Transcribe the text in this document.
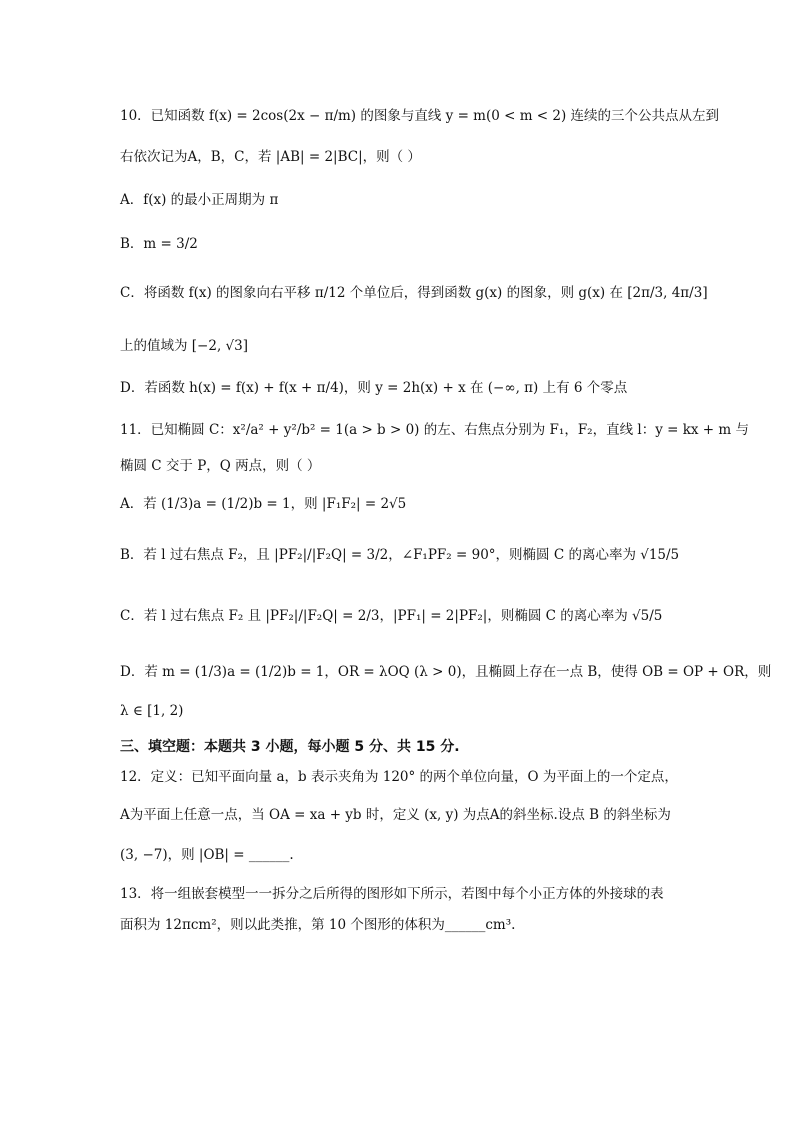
10．已知函数 f(x) = 2cos(2x − π/m) 的图象与直线 y = m(0 < m < 2) 连续的三个公共点从左到
右依次记为A，B，C，若 |AB| = 2|BC|，则（ ）
A．f(x) 的最小正周期为 π
B．m = 3/2
C．将函数 f(x) 的图象向右平移 π/12 个单位后，得到函数 g(x) 的图象，则 g(x) 在 [2π/3, 4π/3]
上的值域为 [−2, √3]
D．若函数 h(x) = f(x) + f(x + π/4)，则 y = 2h(x) + x 在 (−∞, π) 上有 6 个零点
11．已知椭圆 C：x²/a² + y²/b² = 1(a > b > 0) 的左、右焦点分别为 F₁，F₂，直线 l：y = kx + m 与
椭圆 C 交于 P，Q 两点，则（ ）
A．若 (1/3)a = (1/2)b = 1，则 |F₁F₂| = 2√5
B．若 l 过右焦点 F₂，且 |PF₂|/|F₂Q| = 3/2，∠F₁PF₂ = 90°，则椭圆 C 的离心率为 √15/5
C．若 l 过右焦点 F₂ 且 |PF₂|/|F₂Q| = 2/3，|PF₁| = 2|PF₂|，则椭圆 C 的离心率为 √5/5
D．若 m = (1/3)a = (1/2)b = 1，OR = λOQ (λ > 0)，且椭圆上存在一点 B，使得 OB = OP + OR，则
λ ∈ [1, 2)
三、填空题：本题共 3 小题，每小题 5 分、共 15 分.
12．定义：已知平面向量 a，b 表示夹角为 120° 的两个单位向量，O 为平面上的一个定点，
A为平面上任意一点，当 OA = xa + yb 时，定义 (x, y) 为点A的斜坐标.设点 B 的斜坐标为
(3, −7)，则 |OB| = ______.
13．将一组嵌套模型一一拆分之后所得的图形如下所示，若图中每个小正方体的外接球的表
面积为 12πcm²，则以此类推，第 10 个图形的体积为______cm³.
